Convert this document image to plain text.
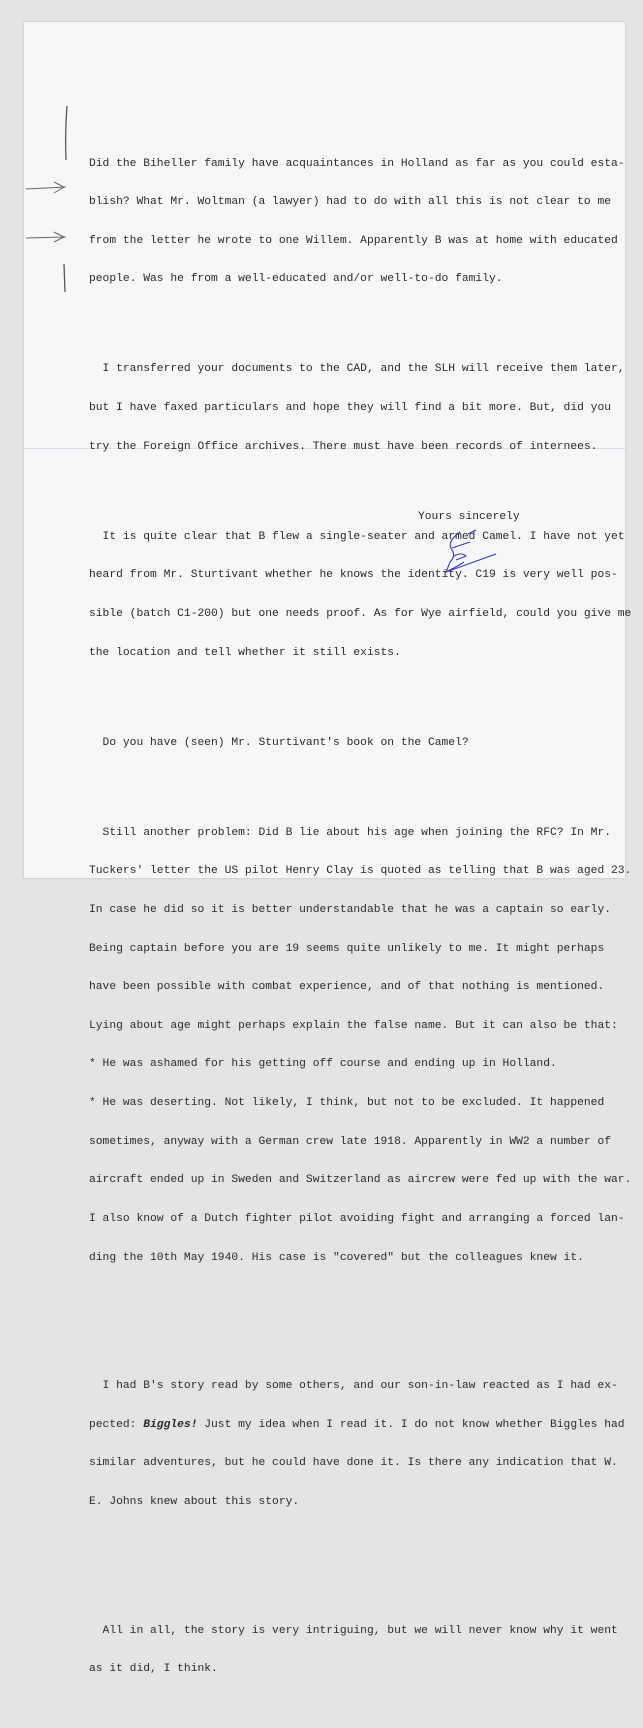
Did the Biheller family have acquaintances in Holland as far as you could esta-

blish? What Mr. Woltman (a lawyer) had to do with all this is not clear to me

from the letter he wrote to one Willem. Apparently B was at home with educated

people. Was he from a well-educated and/or well-to-do family.

I transferred your documents to the CAD, and the SLH will receive them later,

but I have faxed particulars and hope they will find a bit more. But, did you

try the Foreign Office archives. There must have been records of internees.

It is quite clear that B flew a single-seater and armed Camel. I have not yet

heard from Mr. Sturtivant whether he knows the identity. C19 is very well pos-

sible (batch C1-200) but one needs proof. As for Wye airfield, could you give me

the location and tell whether it still exists.

Do you have (seen) Mr. Sturtivant's book on the Camel?

Still another problem: Did B lie about his age when joining the RFC? In Mr.

Tuckers' letter the US pilot Henry Clay is quoted as telling that B was aged 23.

In case he did so it is better understandable that he was a captain so early.

Being captain before you are 19 seems quite unlikely to me. It might perhaps

have been possible with combat experience, and of that nothing is mentioned.

Lying about age might perhaps explain the false name. But it can also be that:

* He was ashamed for his getting off course and ending up in Holland.

* He was deserting. Not likely, I think, but not to be excluded. It happened

sometimes, anyway with a German crew late 1918. Apparently in WW2 a number of

aircraft ended up in Sweden and Switzerland as aircrew were fed up with the war.

I also know of a Dutch fighter pilot avoiding fight and arranging a forced lan-

ding the 10th May 1940. His case is "covered" but the colleagues knew it.

I had B's story read by some others, and our son-in-law reacted as I had ex-

pected: Biggles! Just my idea when I read it. I do not know whether Biggles had

similar adventures, but he could have done it. Is there any indication that W.

E. Johns knew about this story.

All in all, the story is very intriguing, but we will never know why it went

as it did, I think.

Yours sincerely
